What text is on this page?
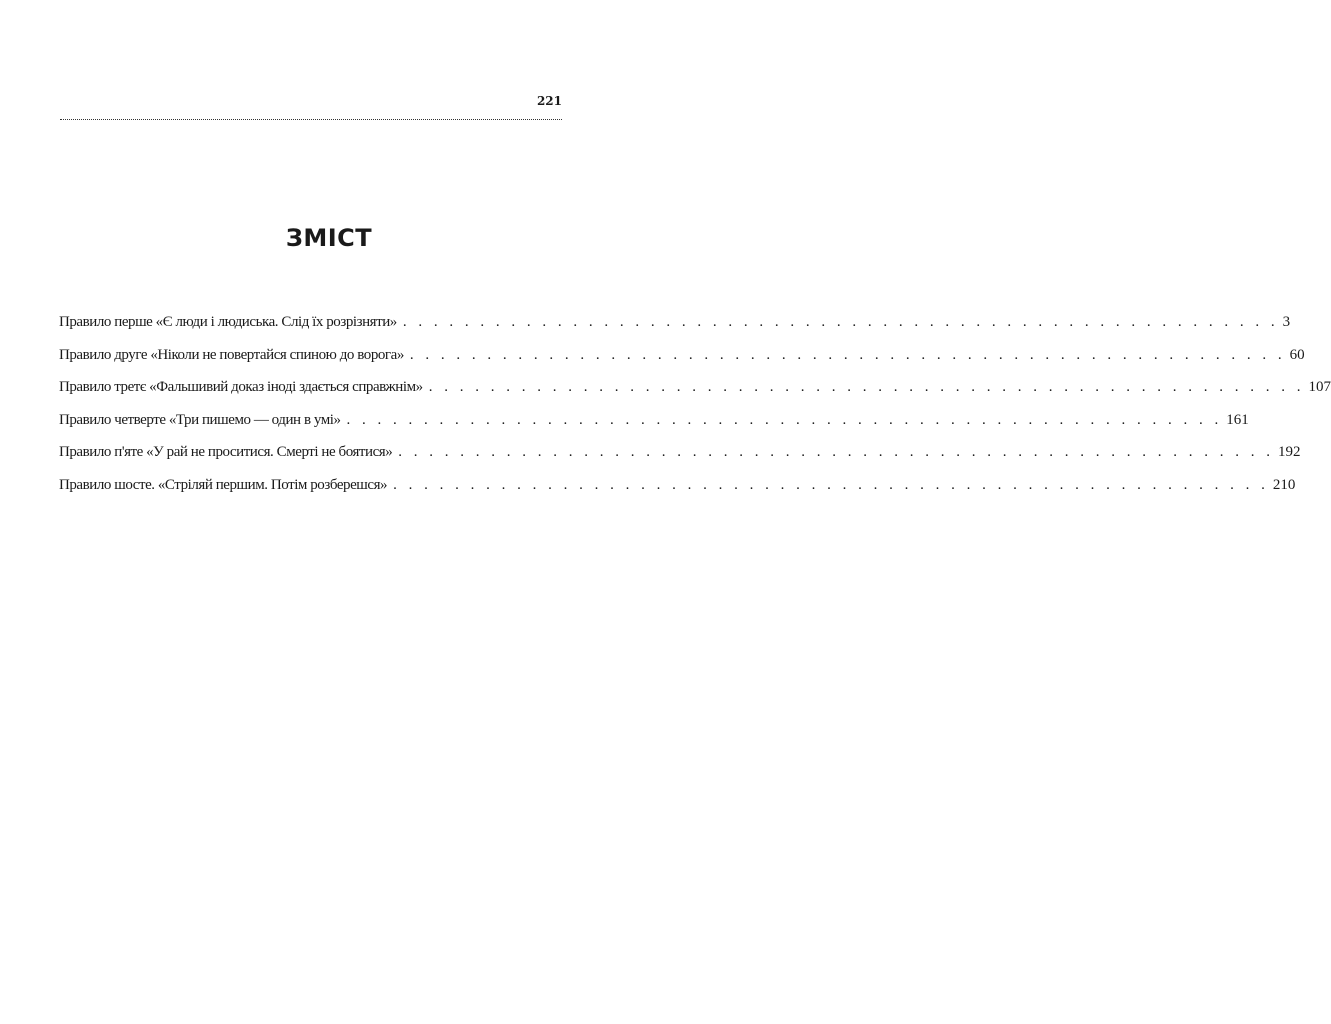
221
ЗМІСТ
Правило перше «Є люди і людиська. Слід їх розрізняти» . . . . . . . . . . . . . . . . . . . . . . . . . . . . . . . . . . . . . . . . . . . . . . . . . . . . . . . . . 3
Правило друге «Ніколи не повертайся спиною до ворога» . . . . . . . . . . . . . . . . . . . . . . . . . . . . . . . . . . . . . . . . . . . . . . . . . . . . . . . . . 60
Правило третє «Фальшивий доказ іноді здається справжнім» . . . . . . . . . . . . . . . . . . . . . . . . . . . . . . . . . . . . . . . . . . . . . . . . . . . . . . . . . 107
Правило четверте «Три пишемо — один в умі» . . . . . . . . . . . . . . . . . . . . . . . . . . . . . . . . . . . . . . . . . . . . . . . . . . . . . . . . . 161
Правило п'яте «У рай не проситися. Смерті не боятися» . . . . . . . . . . . . . . . . . . . . . . . . . . . . . . . . . . . . . . . . . . . . . . . . . . . . . . . . . 192
Правило шосте. «Стріляй першим. Потім розберешся» . . . . . . . . . . . . . . . . . . . . . . . . . . . . . . . . . . . . . . . . . . . . . . . . . . . . . . . . . 210
